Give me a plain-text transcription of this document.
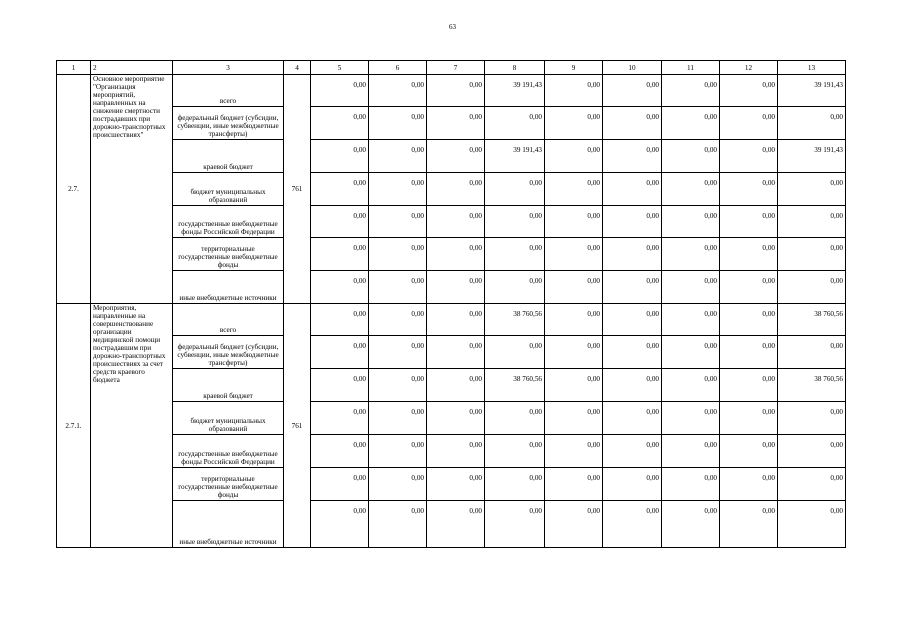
63
1	2	3	4	5	6	7	8	9	10	11	12	13
2.7.	Основное мероприятие "Организация мероприятий, направленных на снижение смертности пострадавших при дорожно-транспортных происшествиях"	всего	761	0,00	0,00	0,00	39 191,43	0,00	0,00	0,00	0,00	39 191,43
		федеральный бюджет (субсидии, субвенции, иные межбюджетные трансферты)		0,00	0,00	0,00	0,00	0,00	0,00	0,00	0,00	0,00
		краевой бюджет		0,00	0,00	0,00	39 191,43	0,00	0,00	0,00	0,00	39 191,43
		бюджет муниципальных образований		0,00	0,00	0,00	0,00	0,00	0,00	0,00	0,00	0,00
		государственные внебюджетные фонды Российской Федерации		0,00	0,00	0,00	0,00	0,00	0,00	0,00	0,00	0,00
		территориальные государственные внебюджетные фонды		0,00	0,00	0,00	0,00	0,00	0,00	0,00	0,00	0,00
		иные внебюджетные источники		0,00	0,00	0,00	0,00	0,00	0,00	0,00	0,00	0,00
2.7.1.	Мероприятия, направленные на совершенствование организации медицинской помощи пострадавшим при дорожно-транспортных происшествиях за счет средств краевого бюджета	всего	761	0,00	0,00	0,00	38 760,56	0,00	0,00	0,00	0,00	38 760,56
		федеральный бюджет (субсидии, субвенции, иные межбюджетные трансферты)		0,00	0,00	0,00	0,00	0,00	0,00	0,00	0,00	0,00
		краевой бюджет		0,00	0,00	0,00	38 760,56	0,00	0,00	0,00	0,00	38 760,56
		бюджет муниципальных образований		0,00	0,00	0,00	0,00	0,00	0,00	0,00	0,00	0,00
		государственные внебюджетные фонды Российской Федерации		0,00	0,00	0,00	0,00	0,00	0,00	0,00	0,00	0,00
		территориальные государственные внебюджетные фонды		0,00	0,00	0,00	0,00	0,00	0,00	0,00	0,00	0,00
		иные внебюджетные источники		0,00	0,00	0,00	0,00	0,00	0,00	0,00	0,00	0,00
